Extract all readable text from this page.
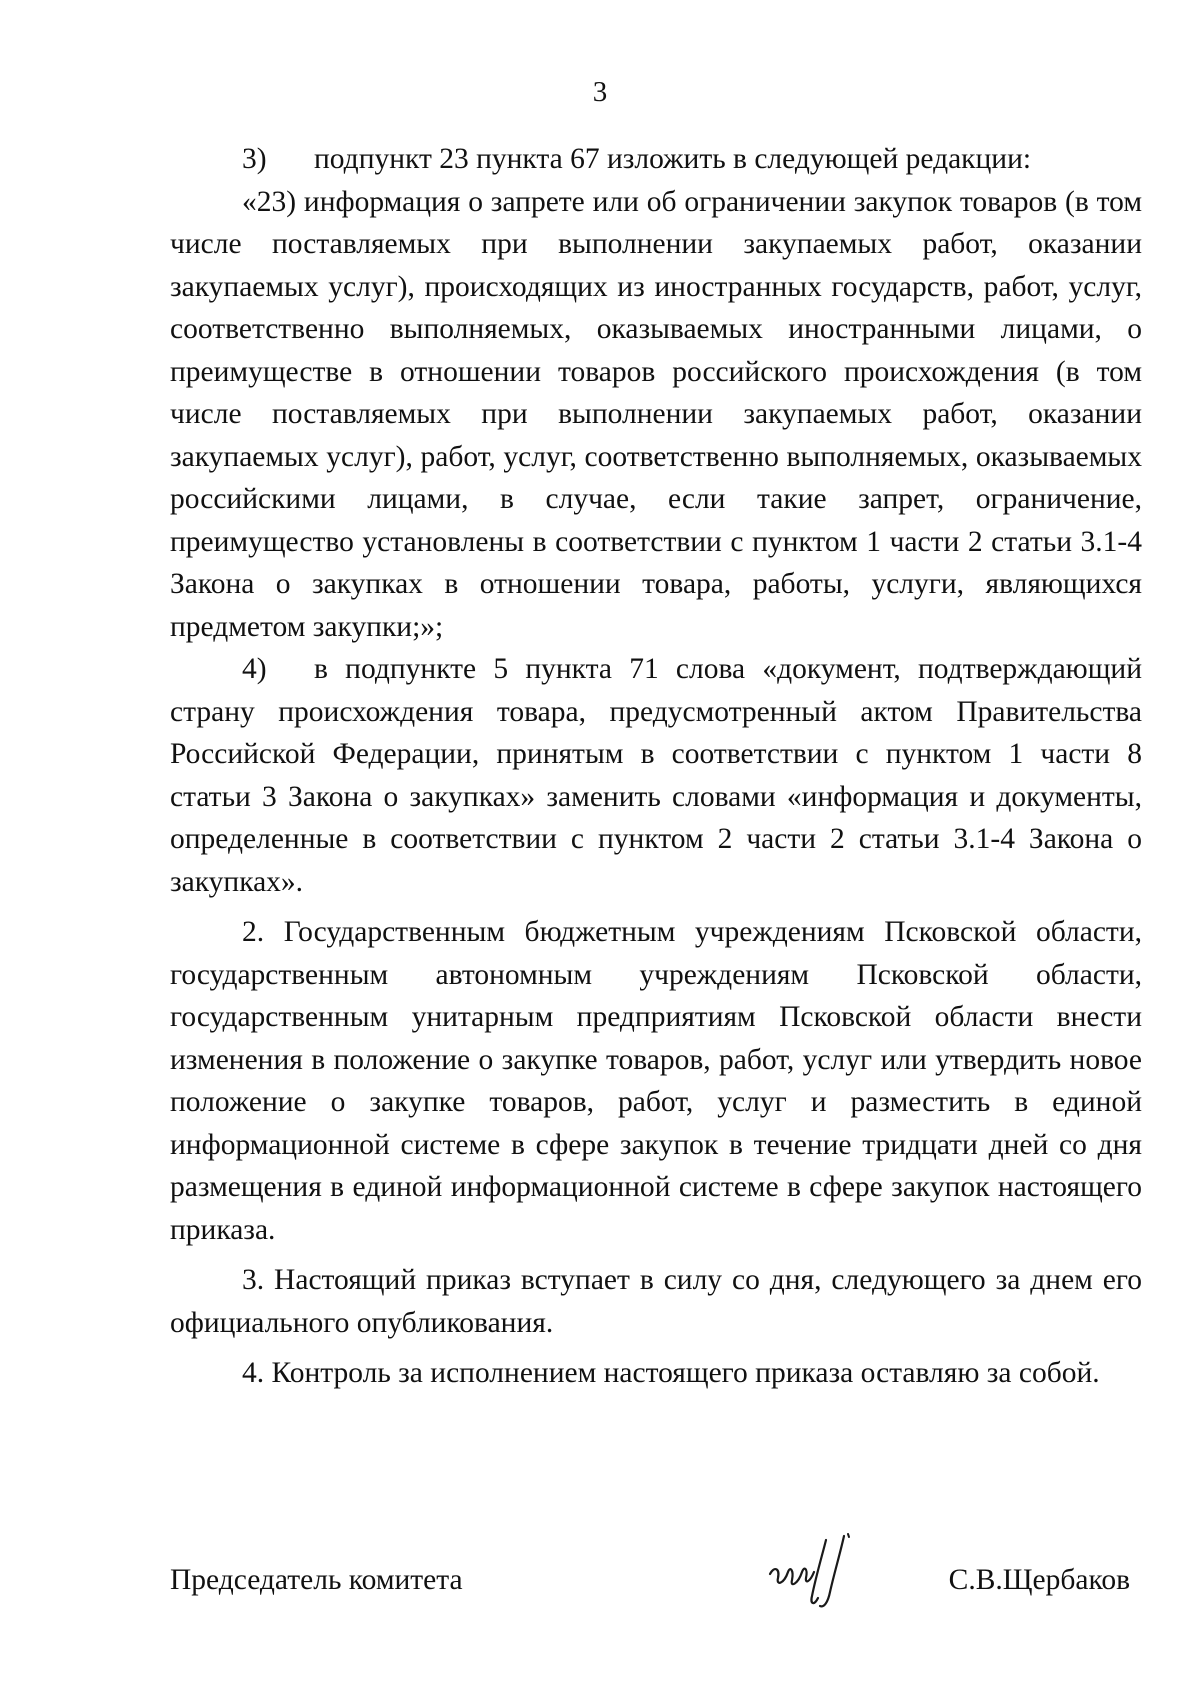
3

3) подпункт 23 пункта 67 изложить в следующей редакции:

«23) информация о запрете или об ограничении закупок товаров (в том числе поставляемых при выполнении закупаемых работ, оказании закупаемых услуг), происходящих из иностранных государств, работ, услуг, соответственно выполняемых, оказываемых иностранными лицами, о преимуществе в отношении товаров российского происхождения (в том числе поставляемых при выполнении закупаемых работ, оказании закупаемых услуг), работ, услуг, соответственно выполняемых, оказываемых российскими лицами, в случае, если такие запрет, ограничение, преимущество установлены в соответствии с пунктом 1 части 2 статьи 3.1-4 Закона о закупках в отношении товара, работы, услуги, являющихся предметом закупки;»;

4) в подпункте 5 пункта 71 слова «документ, подтверждающий страну происхождения товара, предусмотренный актом Правительства Российской Федерации, принятым в соответствии с пунктом 1 части 8 статьи 3 Закона о закупках» заменить словами «информация и документы, определенные в соответствии с пунктом 2 части 2 статьи 3.1-4 Закона о закупках».

2. Государственным бюджетным учреждениям Псковской области, государственным автономным учреждениям Псковской области, государственным унитарным предприятиям Псковской области внести изменения в положение о закупке товаров, работ, услуг или утвердить новое положение о закупке товаров, работ, услуг и разместить в единой информационной системе в сфере закупок в течение тридцати дней со дня размещения в единой информационной системе в сфере закупок настоящего приказа.

3. Настоящий приказ вступает в силу со дня, следующего за днем его официального опубликования.

4. Контроль за исполнением настоящего приказа оставляю за собой.

Председатель комитета	С.В.Щербаков
